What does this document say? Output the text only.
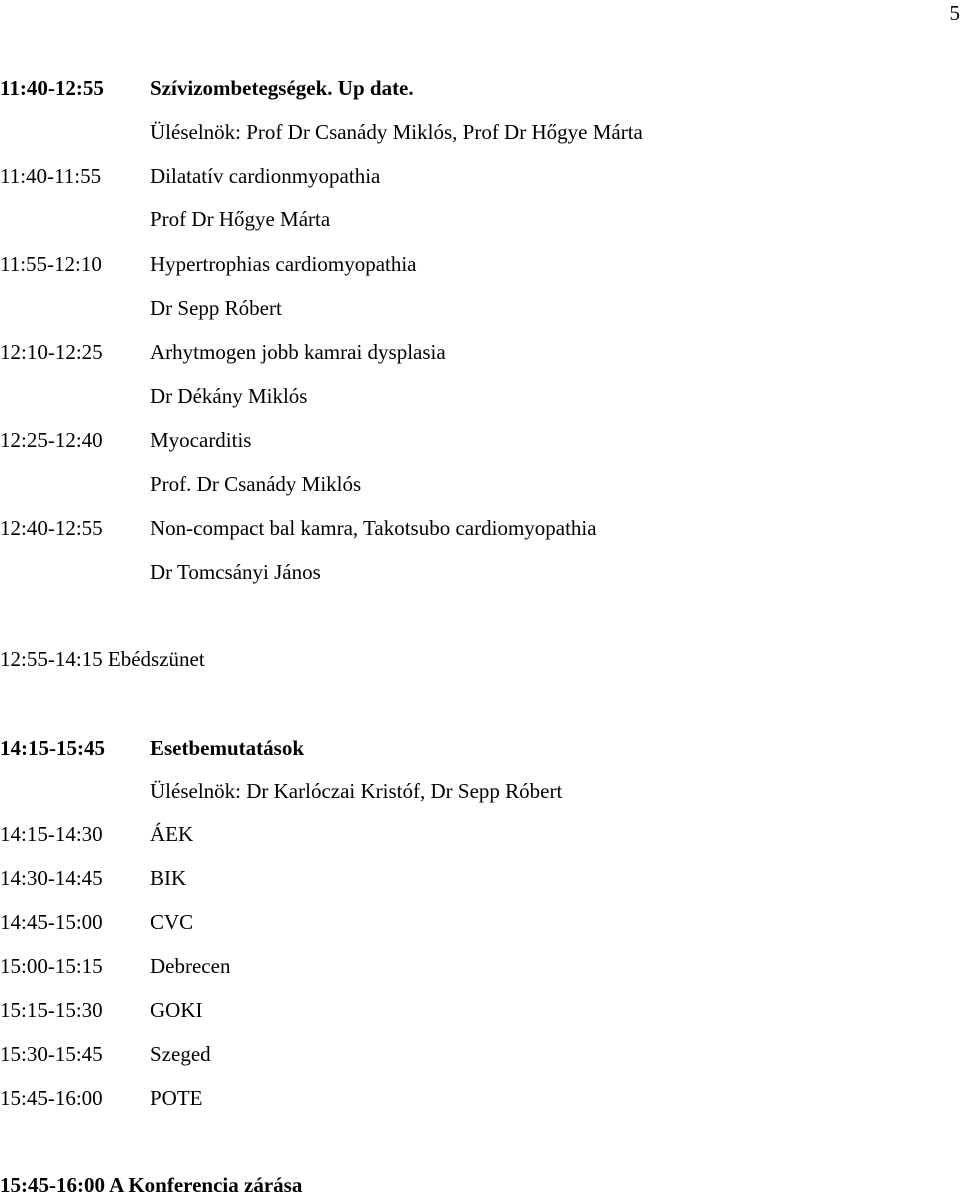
5
11:40-12:55 Szívizombetegségek. Up date.
Üléselnök: Prof Dr Csanády Miklós, Prof Dr Hőgye Márta
11:40-11:55 Dilatatív cardionmyopathia
Prof Dr Hőgye Márta
11:55-12:10 Hypertrophias cardiomyopathia
Dr Sepp Róbert
12:10-12:25 Arhytmogen jobb kamrai dysplasia
Dr Dékány Miklós
12:25-12:40 Myocarditis
Prof. Dr Csanády Miklós
12:40-12:55 Non-compact bal kamra, Takotsubo cardiomyopathia
Dr Tomcsányi János
12:55-14:15 Ebédszünet
14:15-15:45 Esetbemutatások
Üléselnök: Dr Karlóczai Kristóf, Dr Sepp Róbert
14:15-14:30 ÁEK
14:30-14:45 BIK
14:45-15:00 CVC
15:00-15:15 Debrecen
15:15-15:30 GOKI
15:30-15:45 Szeged
15:45-16:00 POTE
15:45-16:00 A Konferencia zárása
